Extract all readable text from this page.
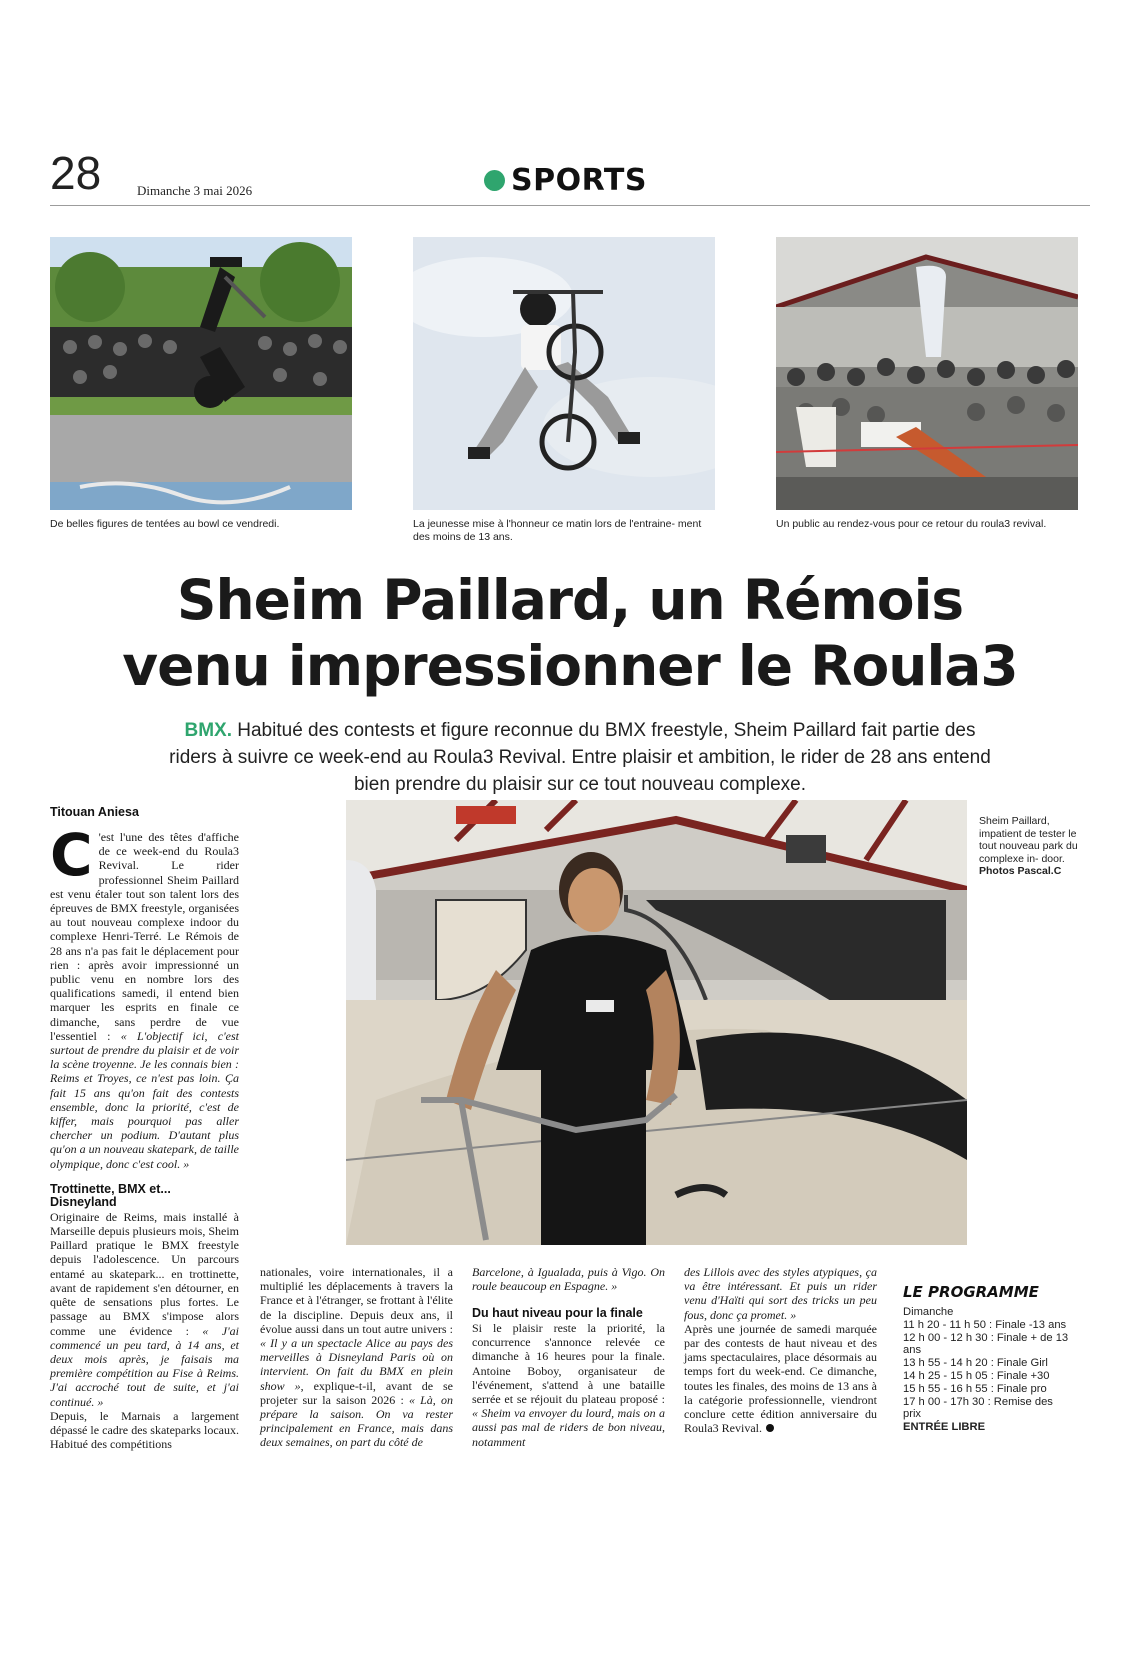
28	Dimanche 3 mai 2026	SPORTS
De belles figures de tentées au bowl ce vendredi.	La jeunesse mise à l'honneur ce matin lors de l'entraine- ment des moins de 13 ans.
Un public au rendez-vous pour ce retour du roula3 revival.
Sheim Paillard, un Rémois
venu impressionner le Roula3
BMX. Habitué des contests et figure reconnue du BMX freestyle, Sheim Paillard fait partie des riders à suivre ce week-end au Roula3 Revival. Entre plaisir et ambition, le rider de 28 ans entend bien prendre du plaisir sur ce tout nouveau complexe.
Titouan Aniesa
Sheim Paillard, impatient de tester le tout nouveau park du complexe in- door. Photos Pascal.C

C 'est l'une des têtes d'affiche de ce week-end du Roula3 Revival. Le rider professionnel Sheim Paillard est venu étaler tout son talent lors des épreuves de BMX freestyle, organisées au tout nouveau complexe indoor du complexe Henri-Terré. Le Rémois de 28 ans n'a pas fait le déplacement pour rien : après avoir impressionné un public venu en nombre lors des qualifications samedi, il entend bien marquer les esprits en finale ce dimanche, sans perdre de vue l'essentiel : « L'objectif ici, c'est surtout de prendre du plaisir et de voir la scène troyenne. Je les connais bien : Reims et Troyes, ce n'est pas loin. Ça fait 15 ans qu'on fait des contests ensemble, donc la priorité, c'est de kiffer, mais pourquoi pas aller chercher un podium. D'autant plus qu'on a un nouveau skatepark, de taille olympique, donc c'est cool. »

Trottinette, BMX et... Disneyland

Originaire de Reims, mais installé à Marseille depuis plusieurs mois, Sheim Paillard pratique le BMX freestyle depuis l'adolescence. Un parcours entamé au skatepark... en trottinette, avant de rapidement s'en détourner, en quête de sensations plus fortes. Le passage au BMX s'impose alors comme une évidence : « J'ai commencé un peu tard, à 14 ans, et deux mois après, je faisais ma première compétition au Fise à Reims. J'ai accroché tout de suite, et j'ai continué. »

Depuis, le Marnais a largement dépassé le cadre des skateparks locaux. Habitué des compétitions

nationales, voire internationales, il a multiplié les déplacements à travers la France et à l'étranger, se frottant à l'élite de la discipline. Depuis deux ans, il évolue aussi dans un tout autre univers : « Il y a un spectacle Alice au pays des merveilles à Disneyland Paris où on intervient. On fait du BMX en plein show », explique-t-il, avant de se projeter sur la saison 2026 : « Là, on prépare la saison. On va rester principalement en France, mais dans deux semaines, on part du côté de

Barcelone, à Igualada, puis à Vigo. On roule beaucoup en Espagne. »

Du haut niveau pour la finale

Si le plaisir reste la priorité, la concurrence s'annonce relevée ce dimanche à 16 heures pour la finale. Antoine Boboy, organisateur de l'événement, s'attend à une bataille serrée et se réjouit du plateau proposé : « Sheim va envoyer du lourd, mais on a aussi pas mal de riders de bon niveau, notamment

des Lillois avec des styles atypiques, ça va être intéressant. Et puis un rider venu d'Haïti qui sort des tricks un peu fous, donc ça promet. »

Après une journée de samedi marquée par des contests de haut niveau et des jams spectaculaires, place désormais au temps fort du week-end. Ce dimanche, toutes les finales, des moins de 13 ans à la catégorie professionnelle, viendront conclure cette édition anniversaire du Roula3 Revival.

LE PROGRAMME
Dimanche
11 h 20 - 11 h 50 : Finale -13 ans
12 h 00 - 12 h 30 : Finale + de 13 ans
13 h 55 - 14 h 20 : Finale Girl
14 h 25 - 15 h 05 : Finale +30
15 h 55 - 16 h 55 : Finale pro
17 h 00 - 17h 30 : Remise des prix
ENTRÉE LIBRE
